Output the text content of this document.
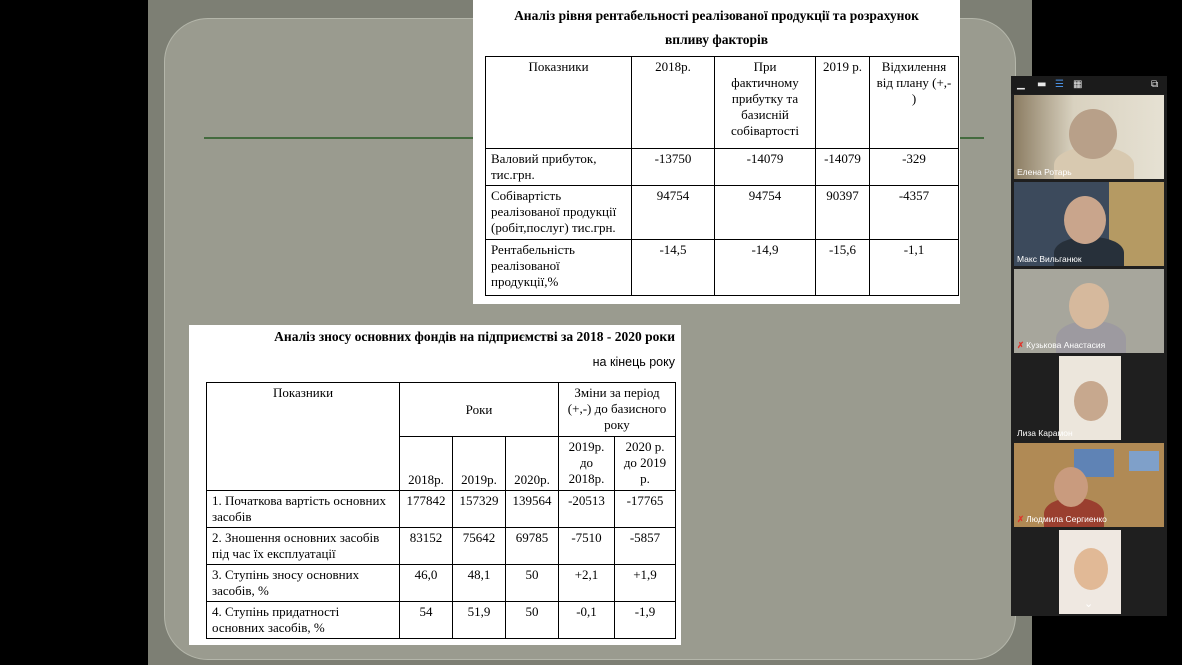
Аналіз рівня рентабельності реалізованої продукції та розрахунок
впливу факторів
Показники	2018р.	При фактичному прибутку та базисній собівартості	2019 р.	Відхилення від плану (+,- )
Валовий прибуток, тис.грн.	-13750	-14079	-14079	-329
Собівартість реалізованої продукції (робіт,послуг) тис.грн.	94754	94754	90397	-4357
Рентабельність реалізованої продукції,%	-14,5	-14,9	-15,6	-1,1
Аналіз зносу основних фондів на підприємстві за 2018 - 2020 роки
на кінець року
Показники	Роки			Зміни за період (+,-) до базисного року	
	2018р.	2019р.	2020р.	2019р. до 2018р.	2020 р. до 2019 р.
1. Початкова вартість основних засобів	177842	157329	139564	-20513	-17765
2. Зношення основних засобів під час їх експлуатації	83152	75642	69785	-7510	-5857
3. Ступінь зносу основних засобів, %	46,0	48,1	50	+2,1	+1,9
4. Ступінь придатності основних засобів, %	54	51,9	50	-0,1	-1,9
▁ ▬ ☰ ▦	⧉
Елена Ротарь
Макс Вильганюк
✗ Кузькова Анастасия
Лиза Карамон
✗ Людмила Сергиенко
⌄
